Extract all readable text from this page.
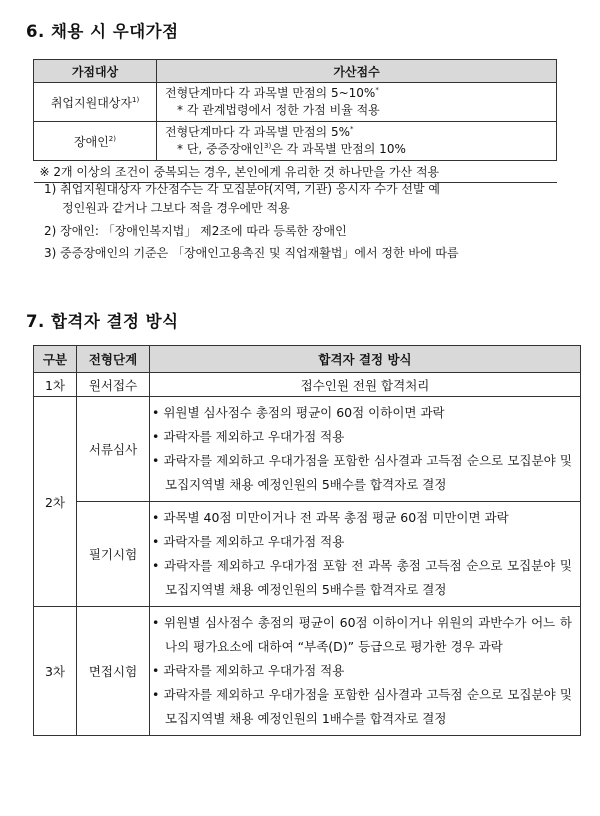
6. 채용 시 우대가점
가점대상	가산점수
취업지원대상자$^{1)}$	전형단계마다 각 과목별 만점의 5~10%*
* 각 관계법령에서 정한 가점 비율 적용

장애인$^{2)}$	전형단계마다 각 과목별 만점의 5%*
* 단, 중증장애인$^{3)}$은 각 과목별 만점의 10%

※ 2개 이상의 조건이 중복되는 경우, 본인에게 유리한 것 하나만을 가산 적용	
1) 취업지원대상자 가산점수는 각 모집분야(지역, 기관) 응시자 수가 선발 예

정인원과 같거나 그보다 적을 경우에만 적용
2) 장애인: 「장애인복지법」 제2조에 따라 등록한 장애인
3) 중증장애인의 기준은 「장애인고용촉진 및 직업재활법」에서 정한 바에 따름
7. 합격자 결정 방식
구분	전형단계	합격자 결정 방식
1차	원서접수	접수인원 전원 합격처리
2차	서류심사	• 위원별 심사점수 총점의 평균이 60점 이하이면 과락
• 과락자를 제외하고 우대가점 적용
• 과락자를 제외하고 우대가점을 포함한 심사결과 고득점 순으로 모집분야 및 모집지역별 채용 예정인원의 5배수를 합격자로 결정

	필기시험	• 과목별 40점 미만이거나 전 과목 총점 평균 60점 미만이면 과락
• 과락자를 제외하고 우대가점 적용
• 과락자를 제외하고 우대가점 포함 전 과목 총점 고득점 순으로 모집분야 및 모집지역별 채용 예정인원의 5배수를 합격자로 결정

3차	면접시험	• 위원별 심사점수 총점의 평균이 60점 이하이거나 위원의 과반수가 어느 하나의 평가요소에 대하여 “부족(D)” 등급으로 평가한 경우 과락
• 과락자를 제외하고 우대가점 적용
• 과락자를 제외하고 우대가점을 포함한 심사결과 고득점 순으로 모집분야 및 모집지역별 채용 예정인원의 1배수를 합격자로 결정
